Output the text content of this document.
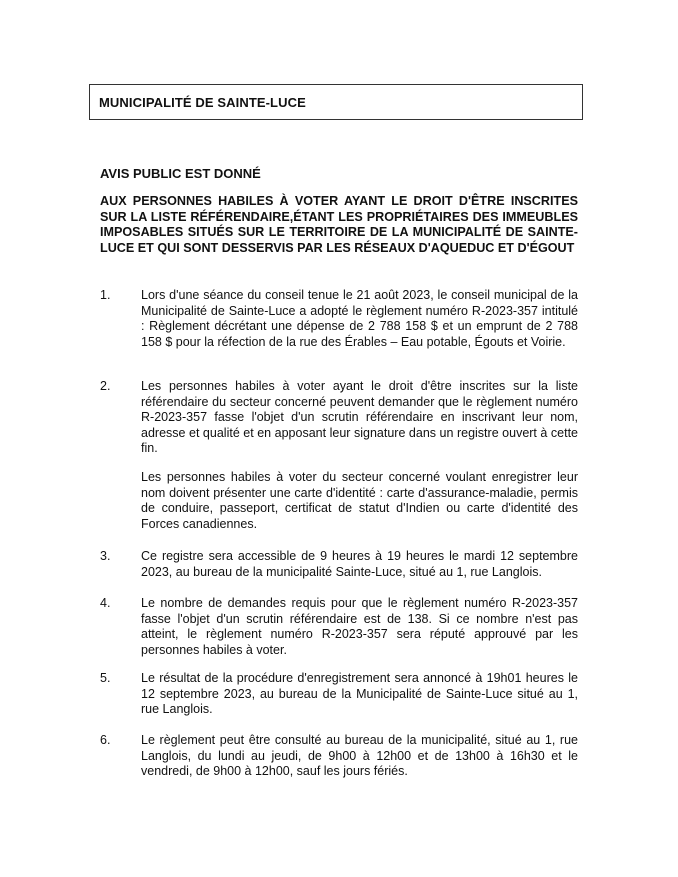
MUNICIPALITÉ DE SAINTE-LUCE
AVIS PUBLIC EST DONNÉ
AUX PERSONNES HABILES À VOTER AYANT LE DROIT D'ÊTRE INSCRITES SUR LA LISTE RÉFÉRENDAIRE,ÉTANT LES PROPRIÉTAIRES DES IMMEUBLES IMPOSABLES SITUÉS SUR LE TERRITOIRE DE LA MUNICIPALITÉ DE SAINTE-LUCE ET QUI SONT DESSERVIS PAR LES RÉSEAUX D'AQUEDUC ET D'ÉGOUT
1. Lors d'une séance du conseil tenue le 21 août 2023, le conseil municipal de la Municipalité de Sainte-Luce a adopté le règlement numéro R-2023-357 intitulé : Règlement décrétant une dépense de 2 788 158 $ et un emprunt de 2 788 158 $ pour la réfection de la rue des Érables – Eau potable, Égouts et Voirie.
2. Les personnes habiles à voter ayant le droit d'être inscrites sur la liste référendaire du secteur concerné peuvent demander que le règlement numéro R-2023-357 fasse l'objet d'un scrutin référendaire en inscrivant leur nom, adresse et qualité et en apposant leur signature dans un registre ouvert à cette fin.
Les personnes habiles à voter du secteur concerné voulant enregistrer leur nom doivent présenter une carte d'identité : carte d'assurance-maladie, permis de conduire, passeport, certificat de statut d'Indien ou carte d'identité des Forces canadiennes.
3. Ce registre sera accessible de 9 heures à 19 heures le mardi 12 septembre 2023, au bureau de la municipalité Sainte-Luce, situé au 1, rue Langlois.
4. Le nombre de demandes requis pour que le règlement numéro R-2023-357 fasse l'objet d'un scrutin référendaire est de 138. Si ce nombre n'est pas atteint, le règlement numéro R-2023-357 sera réputé approuvé par les personnes habiles à voter.
5. Le résultat de la procédure d'enregistrement sera annoncé à 19h01 heures le 12 septembre 2023, au bureau de la Municipalité de Sainte-Luce situé au 1, rue Langlois.
6. Le règlement peut être consulté au bureau de la municipalité, situé au 1, rue Langlois, du lundi au jeudi, de 9h00 à 12h00 et de 13h00 à 16h30 et le vendredi, de 9h00 à 12h00, sauf les jours fériés.
